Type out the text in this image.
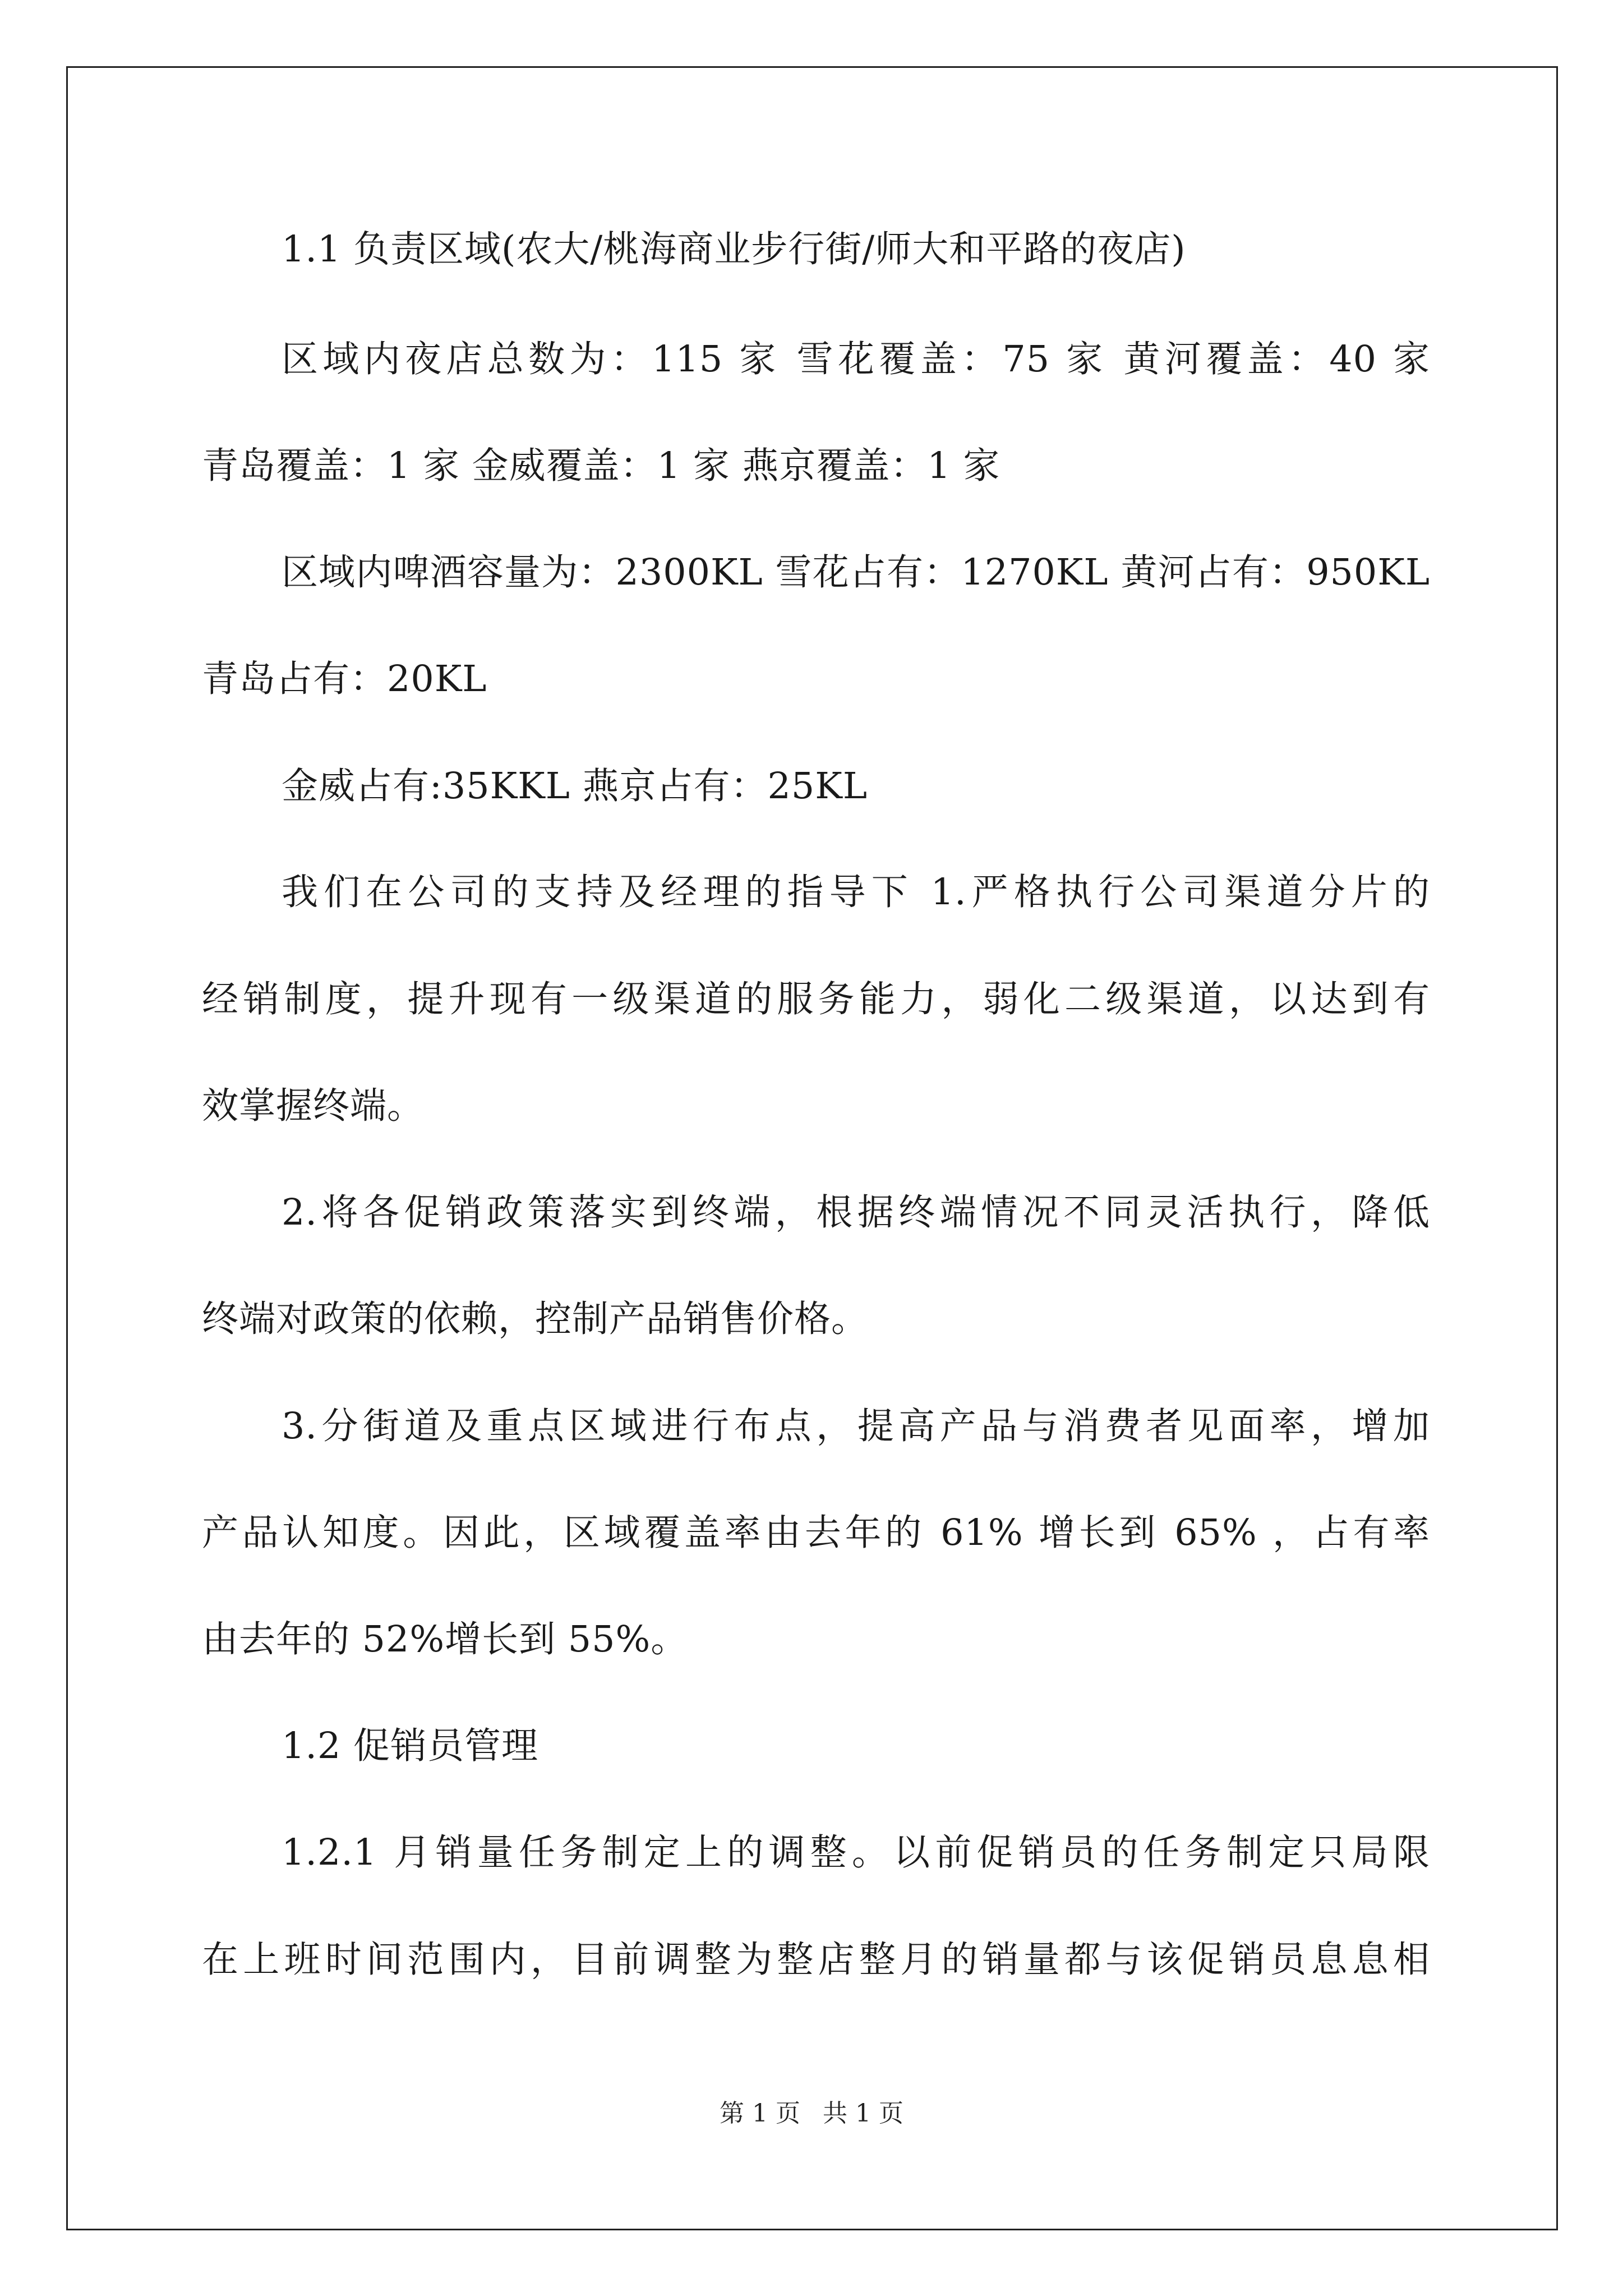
1.1 负责区域(农大/桃海商业步行街/师大和平路的夜店)
区域内夜店总数为：115 家 雪花覆盖：75 家 黄河覆盖：40 家
青岛覆盖：1 家 金威覆盖：1 家 燕京覆盖：1 家
区域内啤酒容量为：2300KL 雪花占有：1270KL 黄河占有：950KL
青岛占有：20KL
金威占有:35KKL 燕京占有：25KL
我们在公司的支持及经理的指导下 1.严格执行公司渠道分片的
经销制度，提升现有一级渠道的服务能力，弱化二级渠道，以达到有
效掌握终端。
2.将各促销政策落实到终端，根据终端情况不同灵活执行，降低
终端对政策的依赖，控制产品销售价格。
3.分街道及重点区域进行布点，提高产品与消费者见面率，增加
产品认知度。因此，区域覆盖率由去年的 61% 增长到 65% ，占有率
由去年的 52%增长到 55%。
1.2 促销员管理
1.2.1 月销量任务制定上的调整。以前促销员的任务制定只局限
在上班时间范围内，目前调整为整店整月的销量都与该促销员息息相
第 1 页 共 1 页
